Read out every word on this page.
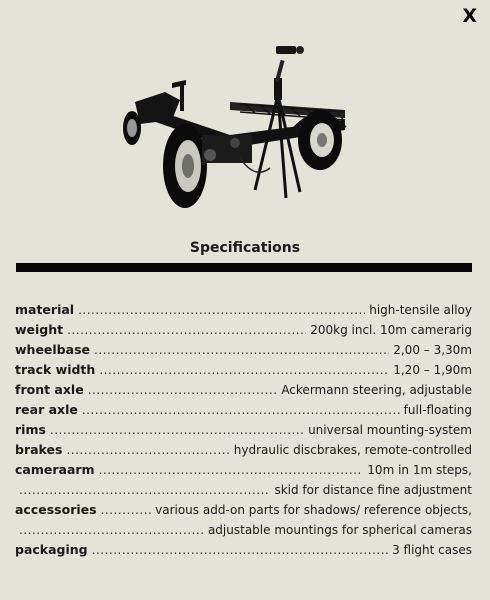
X
Specifications
material .....	high-tensile alloy
weight .....	200kg incl. 10m camerarig
wheelbase .....	2,00 – 3,30m
track width .....	1,20 – 1,90m
front axle .....	Ackermann steering, adjustable
rear axle .....	full-floating
rims .....	universal mounting-system
brakes .....	hydraulic discbrakes, remote-controlled
cameraarm .....	10m in 1m steps,
.....
skid for distance fine adjustment
accessories .....	various add-on parts for shadows/ reference objects,
.....
adjustable mountings for spherical cameras
packaging .....	3 flight cases
